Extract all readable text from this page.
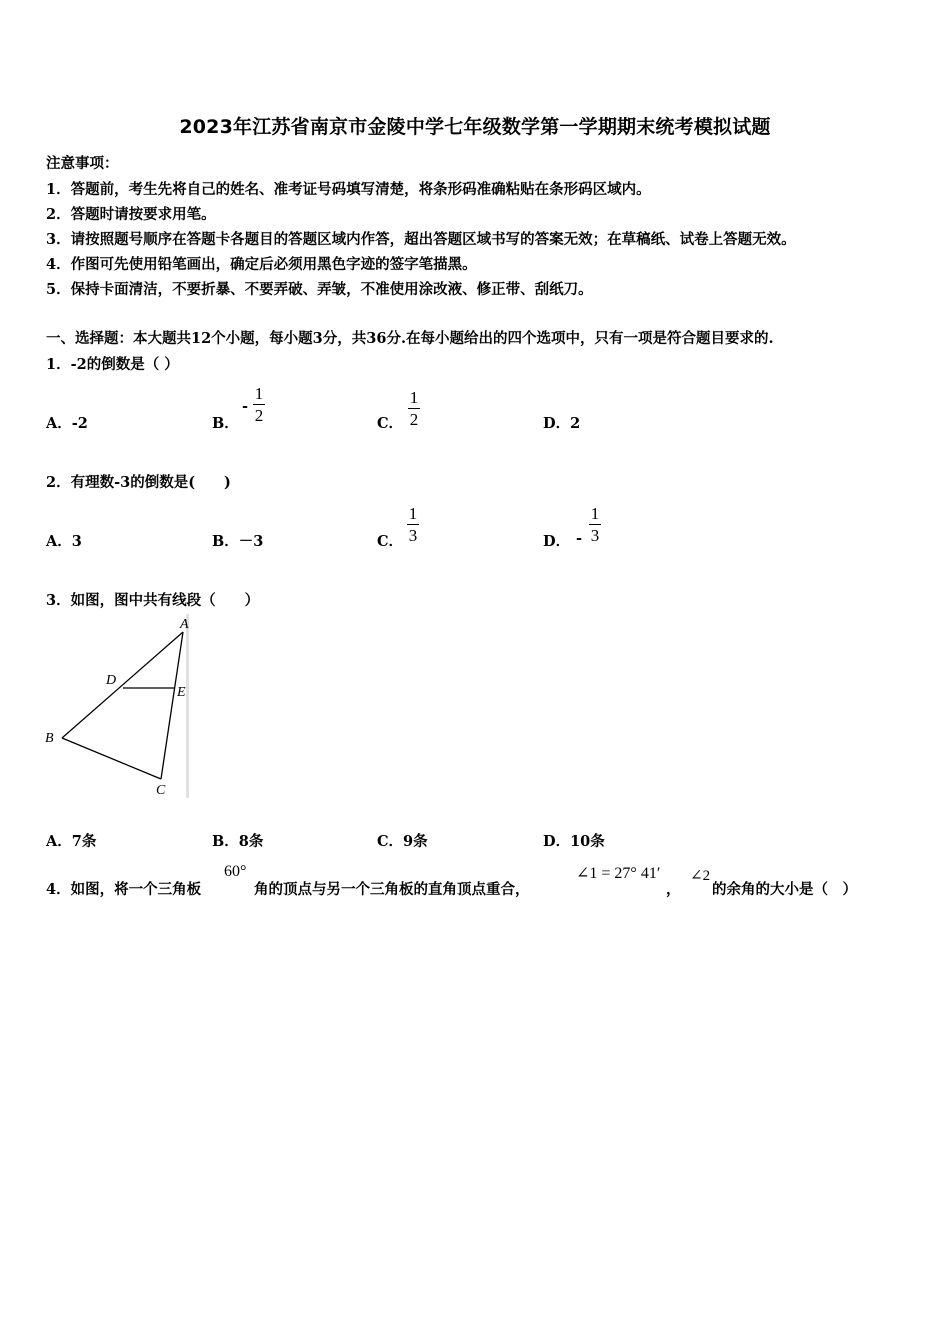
2023年江苏省南京市金陵中学七年级数学第一学期期末统考模拟试题
注意事项：
1．答题前，考生先将自己的姓名、准考证号码填写清楚，将条形码准确粘贴在条形码区域内。
2．答题时请按要求用笔。
3．请按照题号顺序在答题卡各题目的答题区域内作答，超出答题区域书写的答案无效；在草稿纸、试卷上答题无效。
4．作图可先使用铅笔画出，确定后必须用黑色字迹的签字笔描黑。
5．保持卡面清洁，不要折暴、不要弄破、弄皱，不准使用涂改液、修正带、刮纸刀。
一、选择题：本大题共12个小题，每小题3分，共36分.在每小题给出的四个选项中，只有一项是符合题目要求的.
1．-2的倒数是（ ）
A．-2	B．
-
1
2	C．
1
2	D．2
2．有理数-3的倒数是(　　)
A．3	B．－3	C．
1
3	D． -
1
3
3．如图，图中共有线段（　　）
A
D
E
B
C
A．7条	B．8条	C．9条	D．10条
4．如图，将一个三角板
60°
角的顶点与另一个三角板的直角顶点重合，
∠1 = 27° 41′
，
∠2
的余角的大小是（　）
